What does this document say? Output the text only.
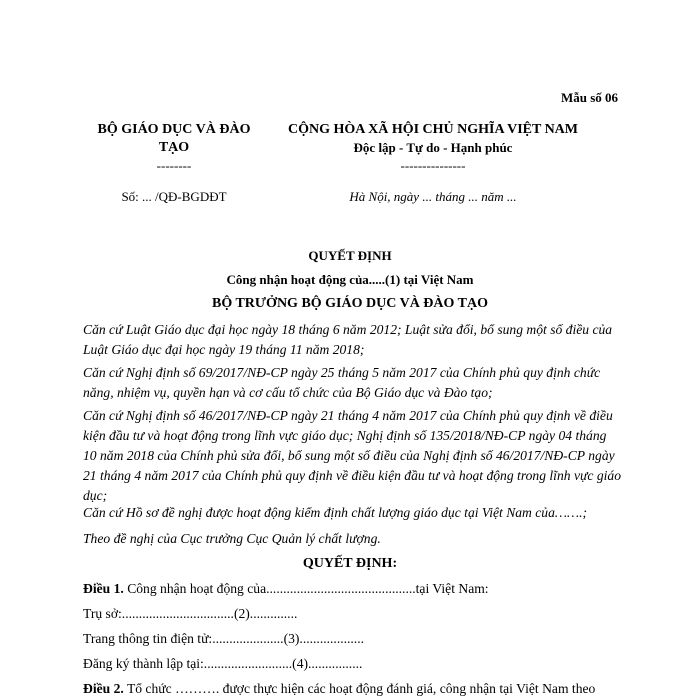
Mẫu số 06
BỘ GIÁO DỤC VÀ ĐÀO
TẠO
--------
Số: ... /QĐ-BGDĐT
CỘNG HÒA XÃ HỘI CHỦ NGHĨA VIỆT NAM
Độc lập - Tự do - Hạnh phúc
---------------
Hà Nội, ngày ... tháng ... năm ...
QUYẾT ĐỊNH
Công nhận hoạt động của.....(1) tại Việt Nam
BỘ TRƯỞNG BỘ GIÁO DỤC VÀ ĐÀO TẠO
Căn cứ Luật Giáo dục đại học ngày 18 tháng 6 năm 2012; Luật sửa đổi, bổ sung một số điều của Luật Giáo dục đại học ngày 19 tháng 11 năm 2018;
Căn cứ Nghị định số 69/2017/NĐ-CP ngày 25 tháng 5 năm 2017 của Chính phủ quy định chức năng, nhiệm vụ, quyền hạn và cơ cấu tổ chức của Bộ Giáo dục và Đào tạo;
Căn cứ Nghị định số 46/2017/NĐ-CP ngày 21 tháng 4 năm 2017 của Chính phủ quy định về điều kiện đầu tư và hoạt động trong lĩnh vực giáo dục; Nghị định số 135/2018/NĐ-CP ngày 04 tháng 10 năm 2018 của Chính phủ sửa đổi, bổ sung một số điều của Nghị định số 46/2017/NĐ-CP ngày 21 tháng 4 năm 2017 của Chính phủ quy định về điều kiện đầu tư và hoạt động trong lĩnh vực giáo dục;
Căn cứ Hồ sơ đề nghị được hoạt động kiểm định chất lượng giáo dục tại Việt Nam của…….;
Theo đề nghị của Cục trưởng Cục Quản lý chất lượng.
QUYẾT ĐỊNH:
Điều 1. Công nhận hoạt động của............................................tại Việt Nam:
Trụ sở:.................................(2)..............
Trang thông tin điện tử:.....................(3)...................
Đăng ký thành lập tại:..........................(4)................
Điều 2. Tổ chức ………. được thực hiện các hoạt động đánh giá, công nhận tại Việt Nam theo
